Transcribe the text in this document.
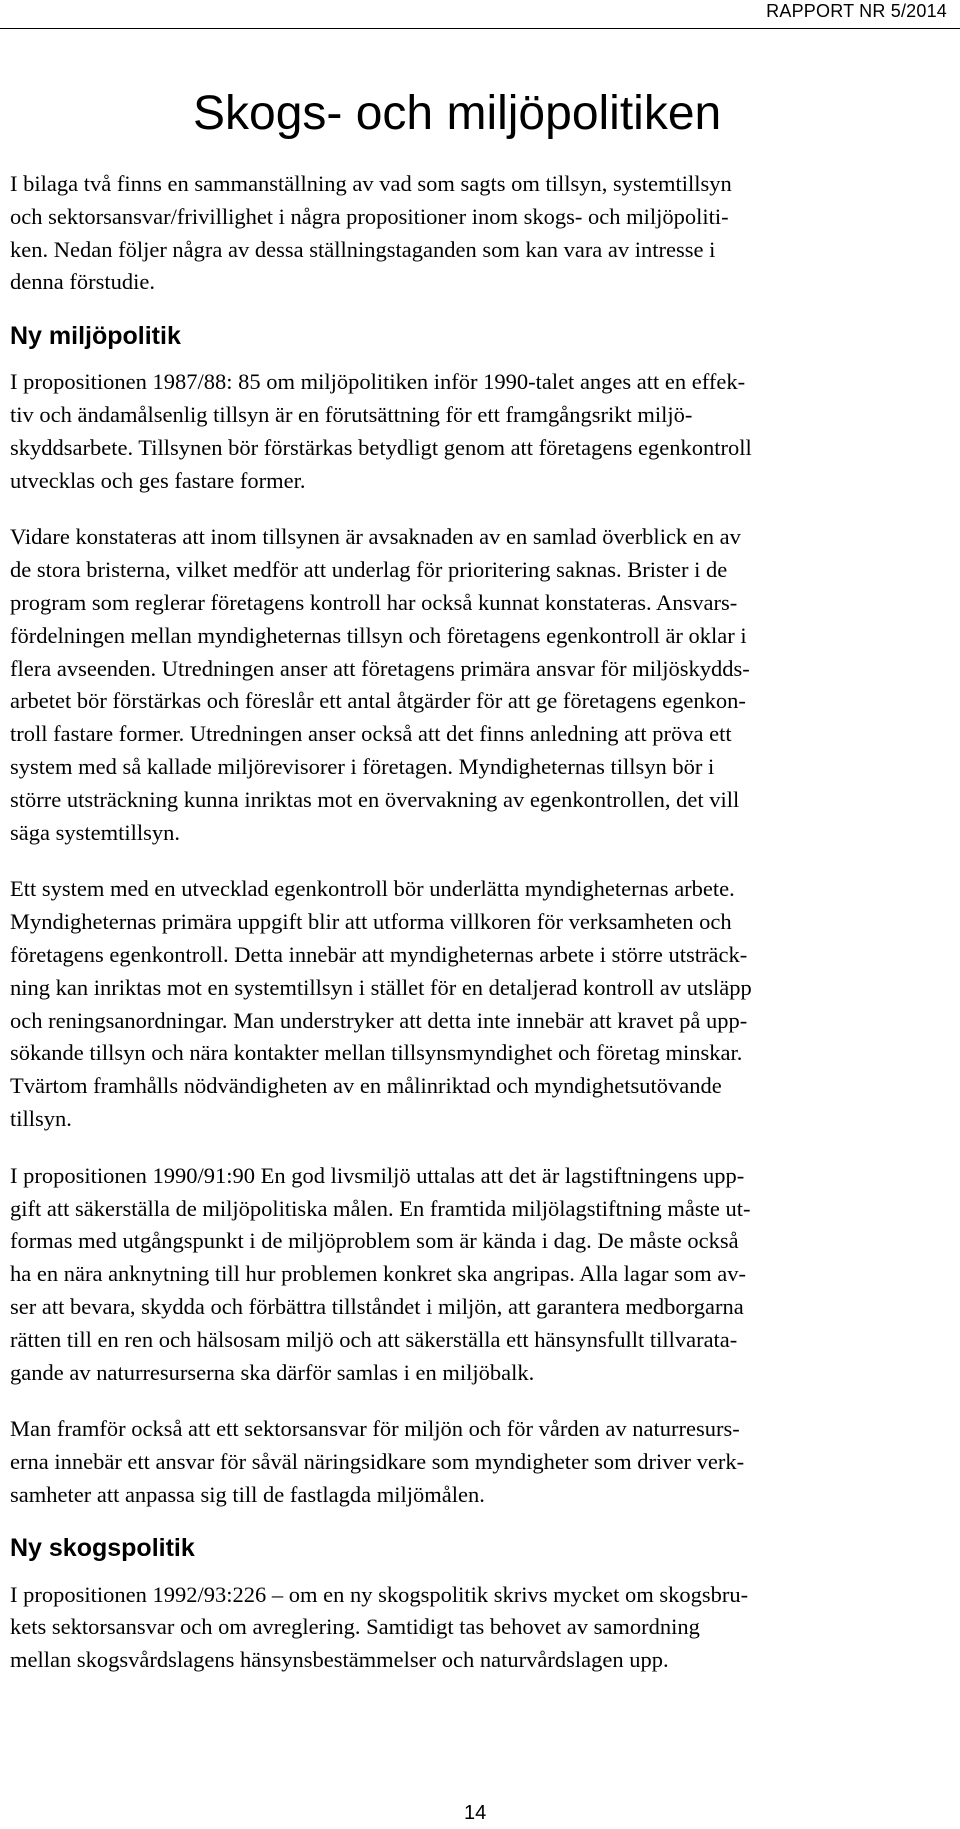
RAPPORT NR 5/2014
Skogs- och miljöpolitiken

I bilaga två finns en sammanställning av vad som sagts om tillsyn, systemtillsyn
och sektorsansvar/frivillighet i några propositioner inom skogs- och miljöpoliti-
ken. Nedan följer några av dessa ställningstaganden som kan vara av intresse i
denna förstudie.

Ny miljöpolitik

I propositionen 1987/88: 85 om miljöpolitiken inför 1990-talet anges att en effek-
tiv och ändamålsenlig tillsyn är en förutsättning för ett framgångsrikt miljö-
skyddsarbete. Tillsynen bör förstärkas betydligt genom att företagens egenkontroll
utvecklas och ges fastare former.

Vidare konstateras att inom tillsynen är avsaknaden av en samlad överblick en av
de stora bristerna, vilket medför att underlag för prioritering saknas. Brister i de
program som reglerar företagens kontroll har också kunnat konstateras. Ansvars-
fördelningen mellan myndigheternas tillsyn och företagens egenkontroll är oklar i
flera avseenden. Utredningen anser att företagens primära ansvar för miljöskydds-
arbetet bör förstärkas och föreslår ett antal åtgärder för att ge företagens egenkon-
troll fastare former. Utredningen anser också att det finns anledning att pröva ett
system med så kallade miljörevisorer i företagen. Myndigheternas tillsyn bör i
större utsträckning kunna inriktas mot en övervakning av egenkontrollen, det vill
säga systemtillsyn.

Ett system med en utvecklad egenkontroll bör underlätta myndigheternas arbete.
Myndigheternas primära uppgift blir att utforma villkoren för verksamheten och
företagens egenkontroll. Detta innebär att myndigheternas arbete i större utsträck-
ning kan inriktas mot en systemtillsyn i stället för en detaljerad kontroll av utsläpp
och reningsanordningar. Man understryker att detta inte innebär att kravet på upp-
sökande tillsyn och nära kontakter mellan tillsynsmyndighet och företag minskar.
Tvärtom framhålls nödvändigheten av en målinriktad och myndighetsutövande
tillsyn.

I propositionen 1990/91:90 En god livsmiljö uttalas att det är lagstiftningens upp-
gift att säkerställa de miljöpolitiska målen. En framtida miljölagstiftning måste ut-
formas med utgångspunkt i de miljöproblem som är kända i dag. De måste också
ha en nära anknytning till hur problemen konkret ska angripas. Alla lagar som av-
ser att bevara, skydda och förbättra tillståndet i miljön, att garantera medborgarna
rätten till en ren och hälsosam miljö och att säkerställa ett hänsynsfullt tillvarata-
gande av naturresurserna ska därför samlas i en miljöbalk.

Man framför också att ett sektorsansvar för miljön och för vården av naturresurs-
erna innebär ett ansvar för såväl näringsidkare som myndigheter som driver verk-
samheter att anpassa sig till de fastlagda miljömålen.

Ny skogspolitik

I propositionen 1992/93:226 – om en ny skogspolitik skrivs mycket om skogsbru-
kets sektorsansvar och om avreglering. Samtidigt tas behovet av samordning
mellan skogsvårdslagens hänsynsbestämmelser och naturvårdslagen upp.

14
